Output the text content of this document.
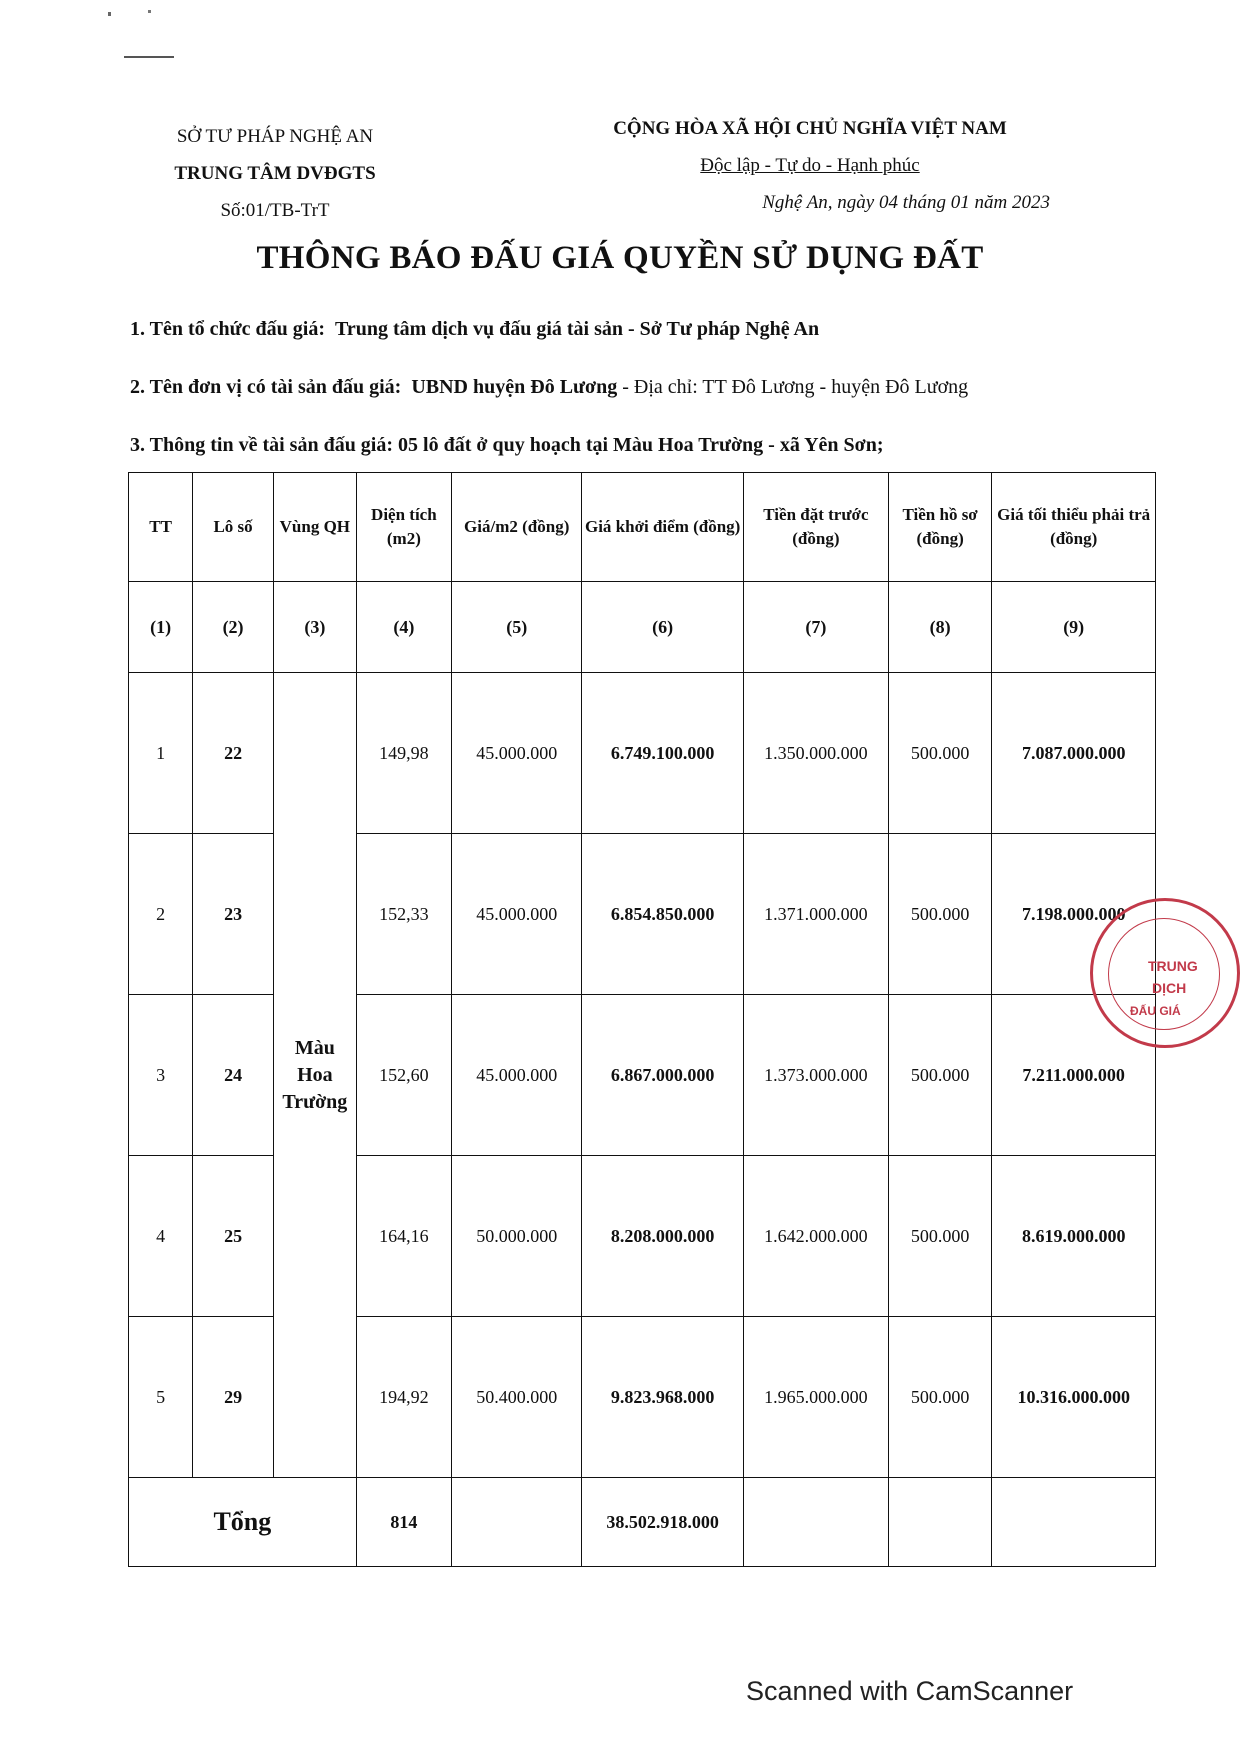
SỞ TƯ PHÁP NGHỆ AN
TRUNG TÂM DVĐGTS
Số:01/TB-TrT
CỘNG HÒA XÃ HỘI CHỦ NGHĨA VIỆT NAM
Độc lập - Tự do - Hạnh phúc
Nghệ An, ngày 04 tháng 01 năm 2023
THÔNG BÁO ĐẤU GIÁ QUYỀN SỬ DỤNG ĐẤT
1. Tên tổ chức đấu giá: Trung tâm dịch vụ đấu giá tài sản - Sở Tư pháp Nghệ An
2. Tên đơn vị có tài sản đấu giá: UBND huyện Đô Lương - Địa chỉ: TT Đô Lương - huyện Đô Lương
3. Thông tin về tài sản đấu giá: 05 lô đất ở quy hoạch tại Màu Hoa Trường - xã Yên Sơn;
TT	Lô số	Vùng QH	Diện tích (m2)	Giá/m2 (đồng)	Giá khởi điểm (đồng)	Tiền đặt trước (đồng)	Tiền hồ sơ (đồng)	Giá tối thiểu phải trả (đồng)
(1)	(2)	(3)	(4)	(5)	(6)	(7)	(8)	(9)
1	22	Màu Hoa Trường	149,98	45.000.000	6.749.100.000	1.350.000.000	500.000	7.087.000.000
2	23		152,33	45.000.000	6.854.850.000	1.371.000.000	500.000	7.198.000.000
3	24		152,60	45.000.000	6.867.000.000	1.373.000.000	500.000	7.211.000.000
4	25		164,16	50.000.000	8.208.000.000	1.642.000.000	500.000	8.619.000.000
5	29		194,92	50.400.000	9.823.968.000	1.965.000.000	500.000	10.316.000.000
Tổng			814		38.502.918.000			
TRUNG
DỊCH
ĐẤU GIÁ
Scanned with CamScanner
